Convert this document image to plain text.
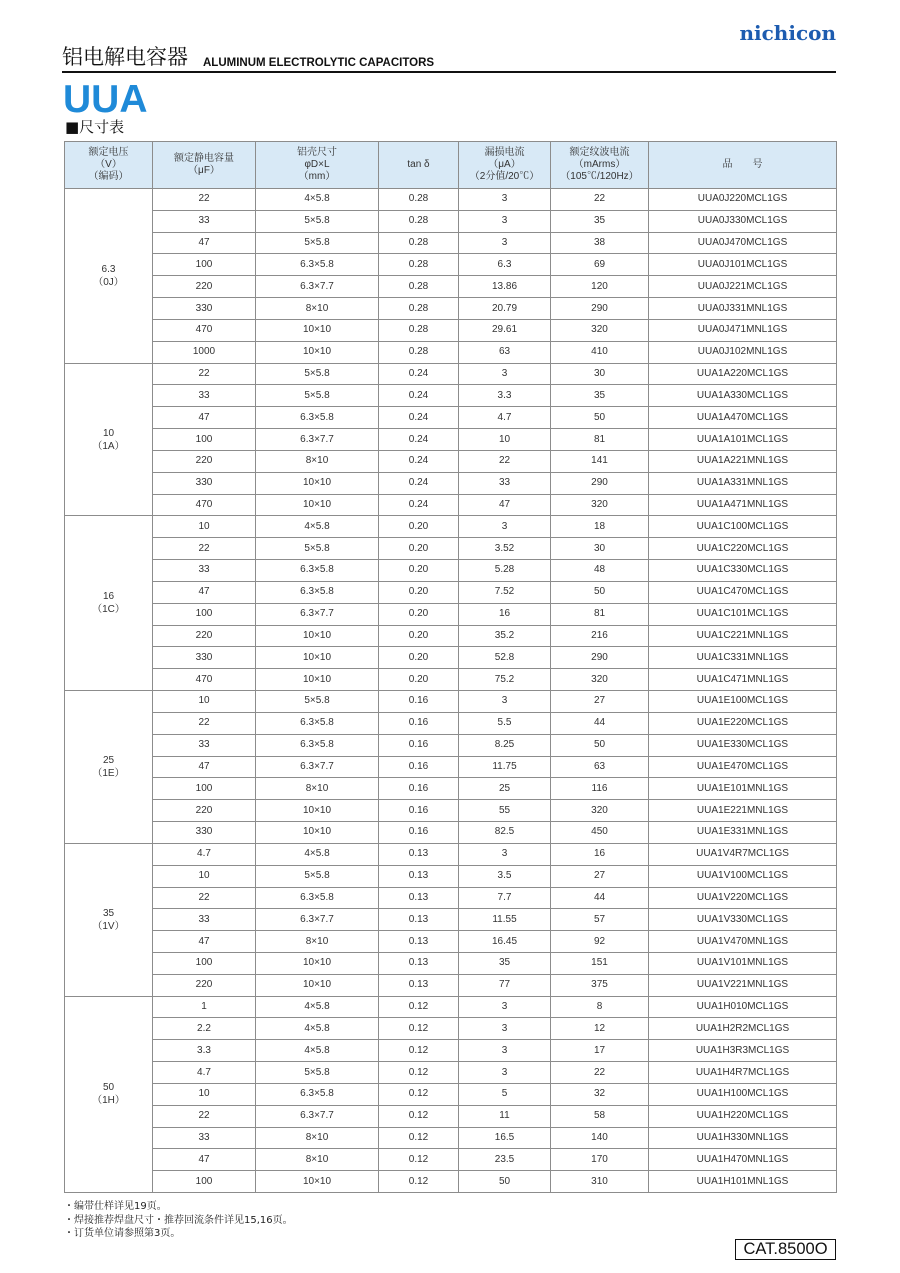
铝电解电容器 ALUMINUM ELECTROLYTIC CAPACITORS
nichicon
UUA
■尺寸表
额定电压
（V）
（编码）	额定静电容量
（μF）	铝壳尺寸
φD×L
（mm）	tan δ	漏损电流
（μA）
（2分值/20℃）	额定纹波电流
（mArms）
（105℃/120Hz）	品　　号

6.3
（0J）	22	4×5.8	0.28	3	22	UUA0J220MCL1GS
	33	5×5.8	0.28	3	35	UUA0J330MCL1GS
	47	5×5.8	0.28	3	38	UUA0J470MCL1GS
	100	6.3×5.8	0.28	6.3	69	UUA0J101MCL1GS
	220	6.3×7.7	0.28	13.86	120	UUA0J221MCL1GS
	330	8×10	0.28	20.79	290	UUA0J331MNL1GS
	470	10×10	0.28	29.61	320	UUA0J471MNL1GS
	1000	10×10	0.28	63	410	UUA0J102MNL1GS

10
（1A）	22	5×5.8	0.24	3	30	UUA1A220MCL1GS
	33	5×5.8	0.24	3.3	35	UUA1A330MCL1GS
	47	6.3×5.8	0.24	4.7	50	UUA1A470MCL1GS
	100	6.3×7.7	0.24	10	81	UUA1A101MCL1GS
	220	8×10	0.24	22	141	UUA1A221MNL1GS
	330	10×10	0.24	33	290	UUA1A331MNL1GS
	470	10×10	0.24	47	320	UUA1A471MNL1GS

16
（1C）	10	4×5.8	0.20	3	18	UUA1C100MCL1GS
	22	5×5.8	0.20	3.52	30	UUA1C220MCL1GS
	33	6.3×5.8	0.20	5.28	48	UUA1C330MCL1GS
	47	6.3×5.8	0.20	7.52	50	UUA1C470MCL1GS
	100	6.3×7.7	0.20	16	81	UUA1C101MCL1GS
	220	10×10	0.20	35.2	216	UUA1C221MNL1GS
	330	10×10	0.20	52.8	290	UUA1C331MNL1GS
	470	10×10	0.20	75.2	320	UUA1C471MNL1GS

25
（1E）	10	5×5.8	0.16	3	27	UUA1E100MCL1GS
	22	6.3×5.8	0.16	5.5	44	UUA1E220MCL1GS
	33	6.3×5.8	0.16	8.25	50	UUA1E330MCL1GS
	47	6.3×7.7	0.16	11.75	63	UUA1E470MCL1GS
	100	8×10	0.16	25	116	UUA1E101MNL1GS
	220	10×10	0.16	55	320	UUA1E221MNL1GS
	330	10×10	0.16	82.5	450	UUA1E331MNL1GS

35
（1V）	4.7	4×5.8	0.13	3	16	UUA1V4R7MCL1GS
	10	5×5.8	0.13	3.5	27	UUA1V100MCL1GS
	22	6.3×5.8	0.13	7.7	44	UUA1V220MCL1GS
	33	6.3×7.7	0.13	11.55	57	UUA1V330MCL1GS
	47	8×10	0.13	16.45	92	UUA1V470MNL1GS
	100	10×10	0.13	35	151	UUA1V101MNL1GS
	220	10×10	0.13	77	375	UUA1V221MNL1GS

50
（1H）	1	4×5.8	0.12	3	8	UUA1H010MCL1GS
	2.2	4×5.8	0.12	3	12	UUA1H2R2MCL1GS
	3.3	4×5.8	0.12	3	17	UUA1H3R3MCL1GS
	4.7	5×5.8	0.12	3	22	UUA1H4R7MCL1GS
	10	6.3×5.8	0.12	5	32	UUA1H100MCL1GS
	22	6.3×7.7	0.12	11	58	UUA1H220MCL1GS
	33	8×10	0.12	16.5	140	UUA1H330MNL1GS
	47	8×10	0.12	23.5	170	UUA1H470MNL1GS
	100	10×10	0.12	50	310	UUA1H101MNL1GS
・编带仕样详见19页。
・焊接推荐焊盘尺寸・推荐回流条件详见15,16页。
・订货单位请参照第3页。
CAT.8500O
